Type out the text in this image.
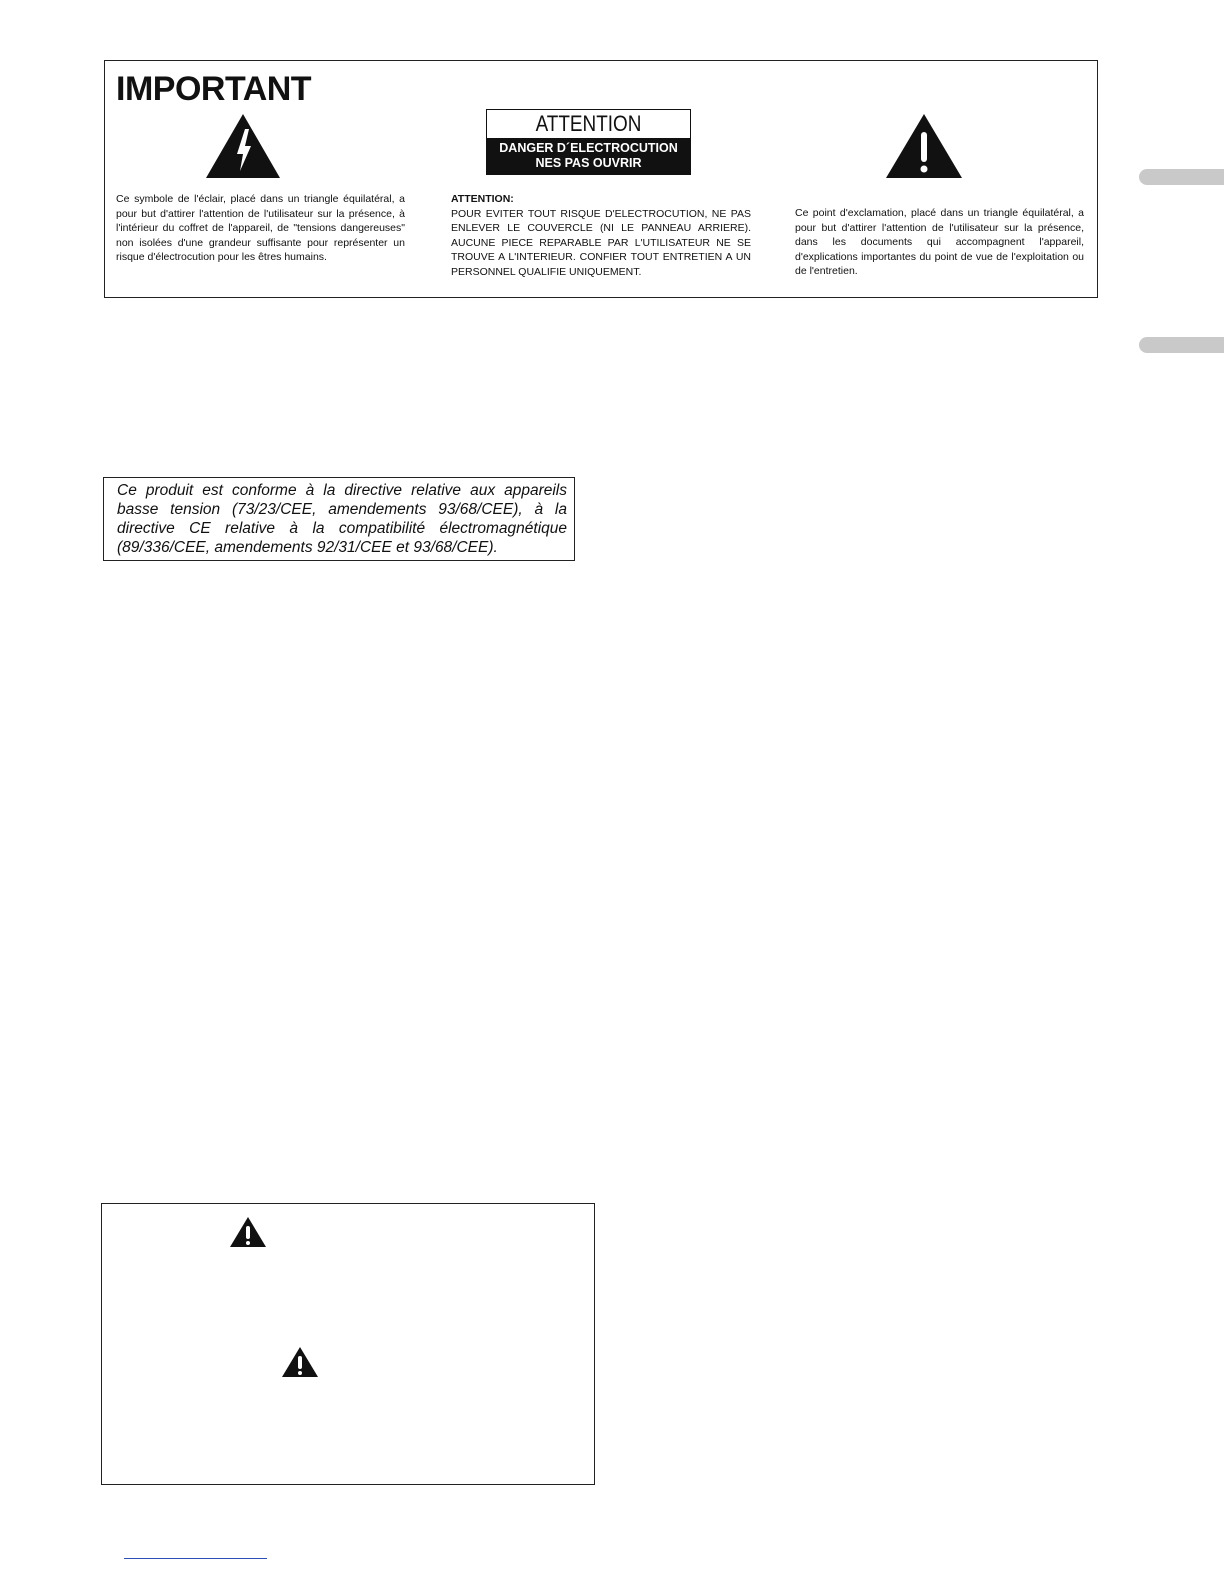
IMPORTANT
ATTENTION
DANGER D´ELECTROCUTION
NES PAS OUVRIR

Ce symbole de l'éclair, placé dans un triangle équilatéral, a pour but d'attirer l'attention de l'utilisateur sur la présence, à l'intérieur du coffret de l'appareil, de "tensions dangereuses" non isolées d'une grandeur suffisante pour représenter un risque d'électrocution pour les êtres humains.

ATTENTION:
POUR EVITER TOUT RISQUE D'ELECTROCUTION, NE PAS ENLEVER LE COUVERCLE (NI LE PANNEAU ARRIERE). AUCUNE PIECE REPARABLE PAR L'UTILISATEUR NE SE TROUVE A L'INTERIEUR. CONFIER TOUT ENTRETIEN A UN PERSONNEL QUALIFIE UNIQUEMENT.

Ce point d'exclamation, placé dans un triangle équilatéral, a pour but d'attirer l'attention de l'utilisateur sur la présence, dans les documents qui accompagnent l'appareil, d'explications importantes du point de vue de l'exploitation ou de l'entretien.

Ce produit est conforme à la directive relative aux appareils basse tension (73/23/CEE, amendements 93/68/CEE), à la directive CE relative à la compatibilité électromagnétique (89/336/CEE, amendements 92/31/CEE et 93/68/CEE).
